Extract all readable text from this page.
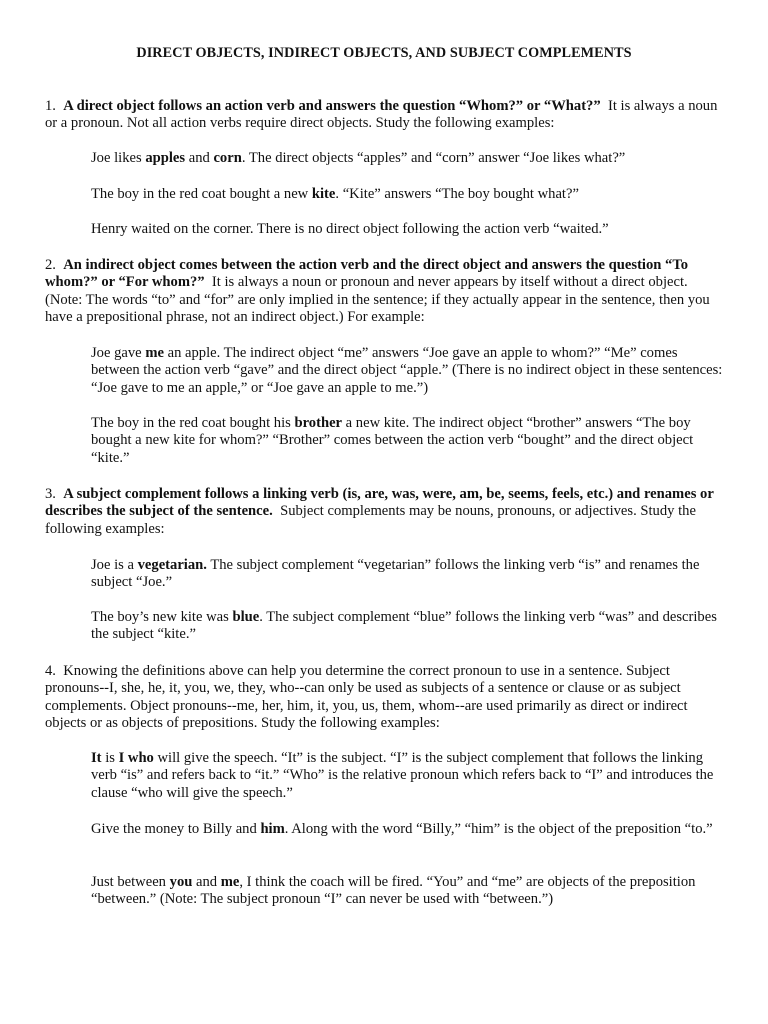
DIRECT OBJECTS, INDIRECT OBJECTS, AND SUBJECT COMPLEMENTS
1. A direct object follows an action verb and answers the question “Whom?” or “What?” It is always a noun or a pronoun. Not all action verbs require direct objects. Study the following examples:
Joe likes apples and corn. The direct objects “apples” and “corn” answer “Joe likes what?”
The boy in the red coat bought a new kite. “Kite” answers “The boy bought what?”
Henry waited on the corner. There is no direct object following the action verb “waited.”
2. An indirect object comes between the action verb and the direct object and answers the question “To whom?” or “For whom?” It is always a noun or pronoun and never appears by itself without a direct object. (Note: The words “to” and “for” are only implied in the sentence; if they actually appear in the sentence, then you have a prepositional phrase, not an indirect object.) For example:
Joe gave me an apple. The indirect object “me” answers “Joe gave an apple to whom?” “Me” comes between the action verb “gave” and the direct object “apple.” (There is no indirect object in these sentences: “Joe gave to me an apple,” or “Joe gave an apple to me.”)
The boy in the red coat bought his brother a new kite. The indirect object “brother” answers “The boy bought a new kite for whom?” “Brother” comes between the action verb “bought” and the direct object “kite.”
3. A subject complement follows a linking verb (is, are, was, were, am, be, seems, feels, etc.) and renames or describes the subject of the sentence. Subject complements may be nouns, pronouns, or adjectives. Study the following examples:
Joe is a vegetarian. The subject complement “vegetarian” follows the linking verb “is” and renames the subject “Joe.”
The boy’s new kite was blue. The subject complement “blue” follows the linking verb “was” and describes the subject “kite.”
4. Knowing the definitions above can help you determine the correct pronoun to use in a sentence. Subject pronouns--I, she, he, it, you, we, they, who--can only be used as subjects of a sentence or clause or as subject complements. Object pronouns--me, her, him, it, you, us, them, whom--are used primarily as direct or indirect objects or as objects of prepositions. Study the following examples:
It is I who will give the speech. “It” is the subject. “I” is the subject complement that follows the linking verb “is” and refers back to “it.” “Who” is the relative pronoun which refers back to “I” and introduces the clause “who will give the speech.”
Give the money to Billy and him. Along with the word “Billy,” “him” is the object of the preposition “to.”
Just between you and me, I think the coach will be fired. “You” and “me” are objects of the preposition “between.” (Note: The subject pronoun “I” can never be used with “between.”)
